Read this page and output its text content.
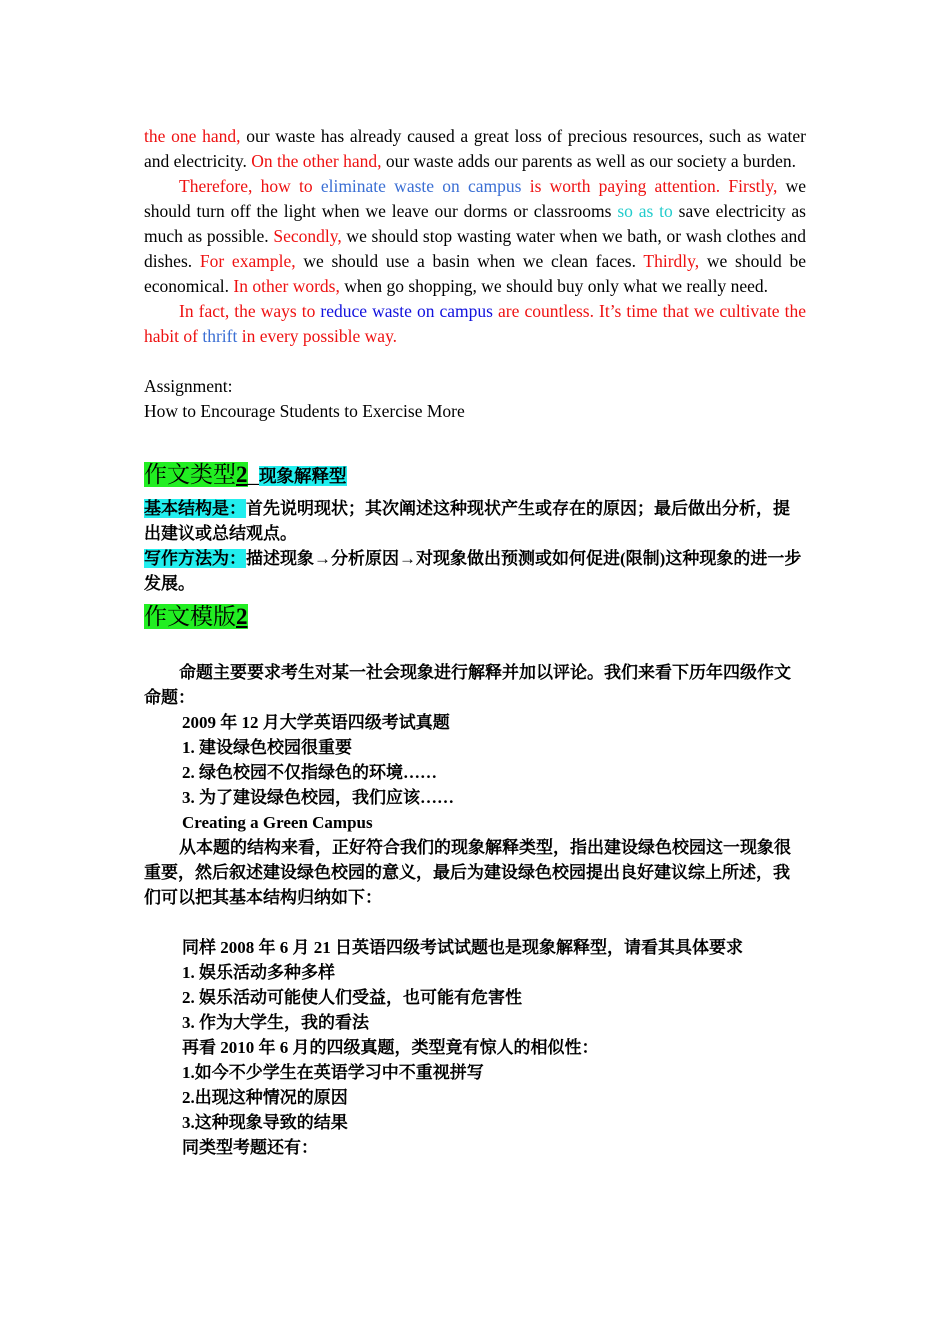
the one hand, our waste has already caused a great loss of precious resources, such as water and electricity. On the other hand, our waste adds our parents as well as our society a burden.

Therefore, how to eliminate waste on campus is worth paying attention. Firstly, we should turn off the light when we leave our dorms or classrooms so as to save electricity as much as possible. Secondly, we should stop wasting water when we bath, or wash clothes and dishes. For example, we should use a basin when we clean faces. Thirdly, we should be economical. In other words, when go shopping, we should buy only what we really need.

In fact, the ways to reduce waste on campus are countless. It’s time that we cultivate the habit of thrift in every possible way.

Assignment:

How to Encourage Students to Exercise More

作文类型2_现象解释型

基本结构是：首先说明现状；其次阐述这种现状产生或存在的原因；最后做出分析，提出建议或总结观点。

写作方法为：描述现象→分析原因→对现象做出预测或如何促进(限制)这种现象的进一步发展。

作文模版2

命题主要要求考生对某一社会现象进行解释并加以评论。我们来看下历年四级作文命题：

2009 年 12 月大学英语四级考试真题

1. 建设绿色校园很重要

2. 绿色校园不仅指绿色的环境……

3. 为了建设绿色校园，我们应该……

Creating a Green Campus

从本题的结构来看，正好符合我们的现象解释类型，指出建设绿色校园这一现象很重要，然后叙述建设绿色校园的意义，最后为建设绿色校园提出良好建议综上所述，我们可以把其基本结构归纳如下：

同样 2008 年 6 月 21 日英语四级考试试题也是现象解释型，请看其具体要求

1. 娱乐活动多种多样

2. 娱乐活动可能使人们受益，也可能有危害性

3. 作为大学生，我的看法

再看 2010 年 6 月的四级真题，类型竟有惊人的相似性：

1.如今不少学生在英语学习中不重视拼写

2.出现这种情况的原因

3.这种现象导致的结果

同类型考题还有：
